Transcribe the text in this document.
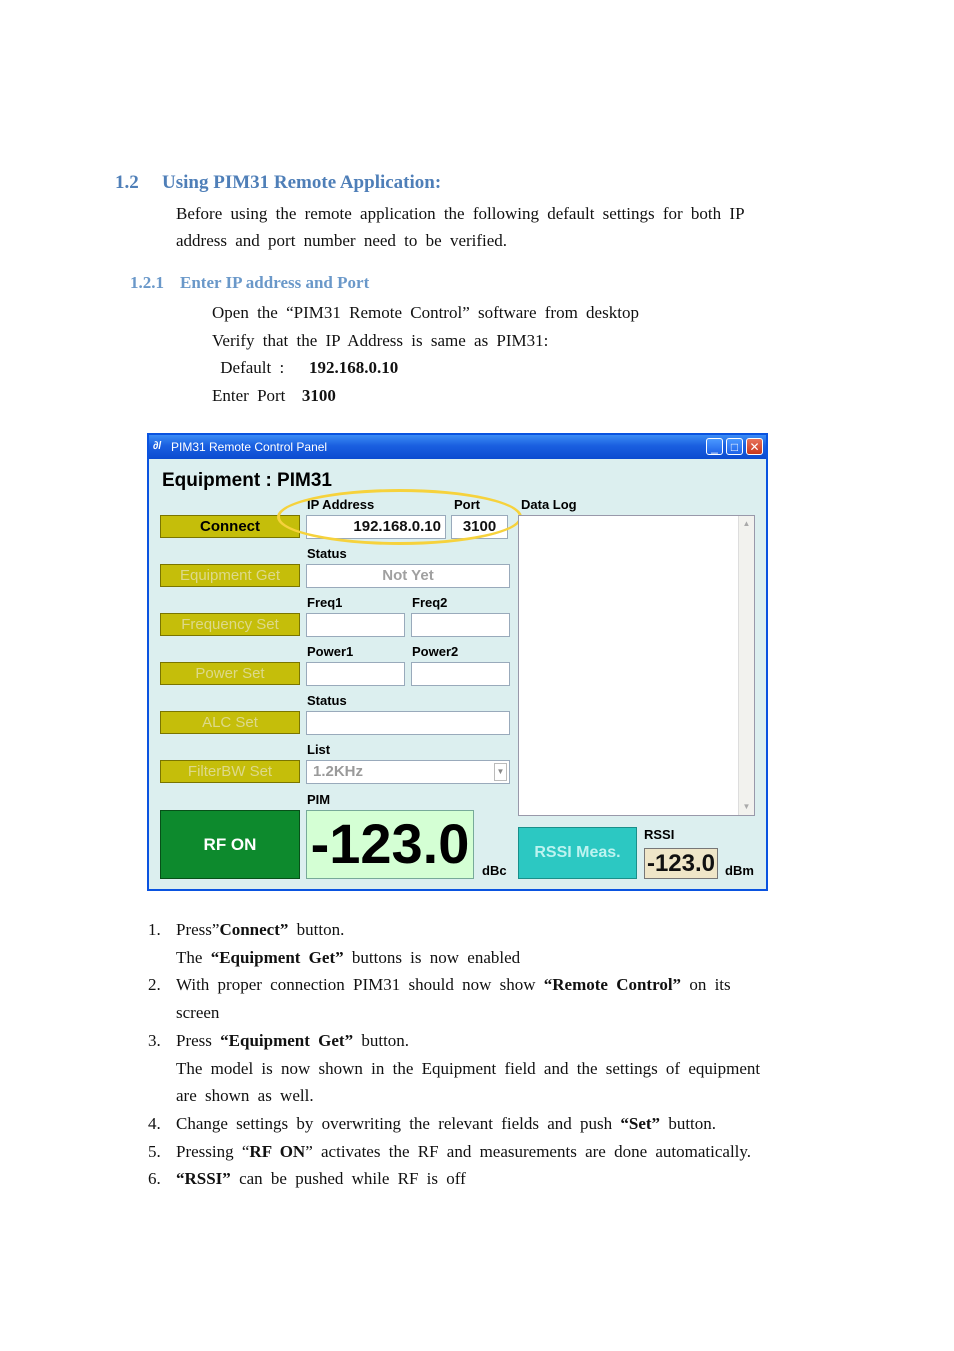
1.2 Using PIM31 Remote Application:
Before using the remote application the following default settings for both IP
address and port number need to be verified.
1.2.1 Enter IP address and Port
Open the “PIM31 Remote Control” software from desktop
Verify that the IP Address is same as PIM31:
Default : 192.168.0.10
Enter Port 3100
∂/ PIM31 Remote Control Panel	_	□ ✕
Equipment : PIM31
IP Address	Port	Data Log
Connect	192.168.0.10	3100
Status
Equipment Get	Not Yet
Freq1	Freq2
Frequency Set
Power1	Power2
Power Set
Status
ALC Set
List
FilterBW Set	1.2KHz	▼
PIM
RF ON -123.0 dBc
▲
▼
RSSI Meas.
RSSI
-123.0 dBm
1. Press”Connect” button.
The “Equipment Get” buttons is now enabled
2. With proper connection PIM31 should now show “Remote Control” on its
screen
3. Press “Equipment Get” button.
The model is now shown in the Equipment field and the settings of equipment
are shown as well.
4. Change settings by overwriting the relevant fields and push “Set” button.
5. Pressing “RF ON” activates the RF and measurements are done automatically.
6. “RSSI” can be pushed while RF is off
